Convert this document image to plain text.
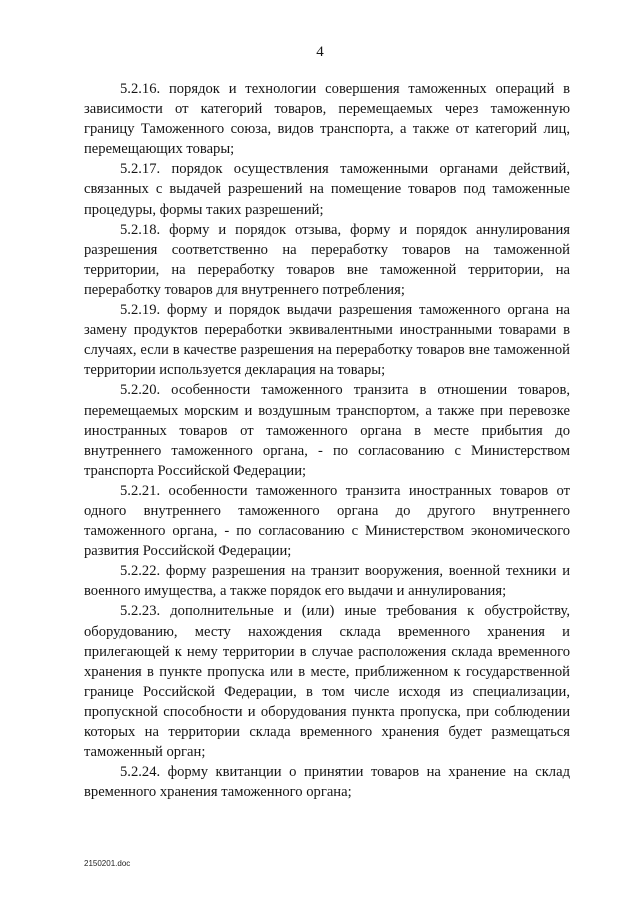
4

5.2.16. порядок и технологии совершения таможенных операций в зависимости от категорий товаров, перемещаемых через таможенную границу Таможенного союза, видов транспорта, а также от категорий лиц, перемещающих товары;

5.2.17. порядок осуществления таможенными органами действий, связанных с выдачей разрешений на помещение товаров под таможенные процедуры, формы таких разрешений;

5.2.18. форму и порядок отзыва, форму и порядок аннулирования разрешения соответственно на переработку товаров на таможенной территории, на переработку товаров вне таможенной территории, на переработку товаров для внутреннего потребления;

5.2.19. форму и порядок выдачи разрешения таможенного органа на замену продуктов переработки эквивалентными иностранными товарами в случаях, если в качестве разрешения на переработку товаров вне таможенной территории используется декларация на товары;

5.2.20. особенности таможенного транзита в отношении товаров, перемещаемых морским и воздушным транспортом, а также при перевозке иностранных товаров от таможенного органа в месте прибытия до внутреннего таможенного органа, - по согласованию с Министерством транспорта Российской Федерации;

5.2.21. особенности таможенного транзита иностранных товаров от одного внутреннего таможенного органа до другого внутреннего таможенного органа, - по согласованию с Министерством экономического развития Российской Федерации;

5.2.22. форму разрешения на транзит вооружения, военной техники и военного имущества, а также порядок его выдачи и аннулирования;

5.2.23. дополнительные и (или) иные требования к обустройству, оборудованию, месту нахождения склада временного хранения и прилегающей к нему территории в случае расположения склада временного хранения в пункте пропуска или в месте, приближенном к государственной границе Российской Федерации, в том числе исходя из специализации, пропускной способности и оборудования пункта пропуска, при соблюдении которых на территории склада временного хранения будет размещаться таможенный орган;

5.2.24. форму квитанции о принятии товаров на хранение на склад временного хранения таможенного органа;

2150201.doc
